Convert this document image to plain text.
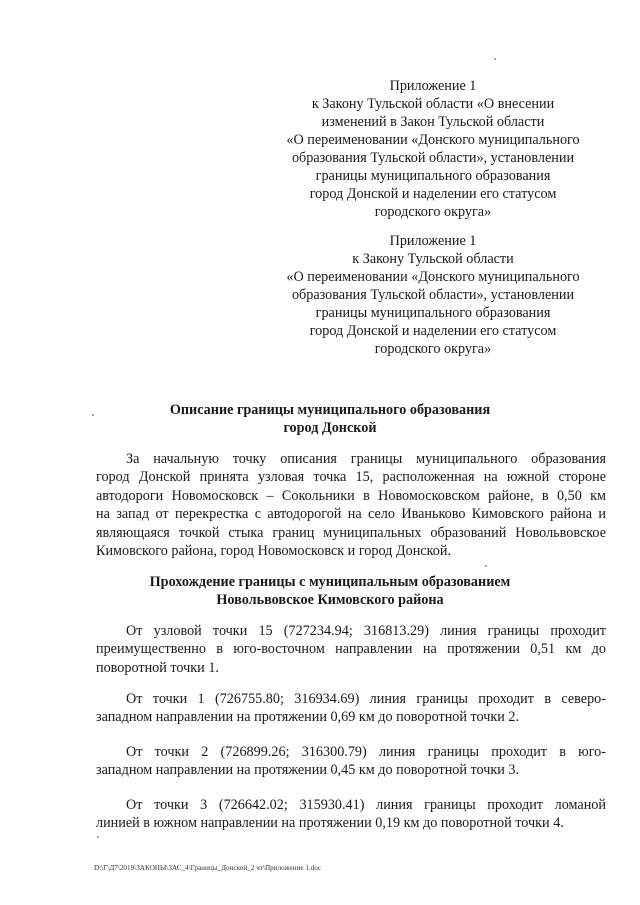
Приложение 1
к Закону Тульской области «О внесении
изменений в Закон Тульской области
«О переименовании «Донского муниципального
образования Тульской области», установлении
границы муниципального образования
город Донской и наделении его статусом
городского округа»
Приложение 1
к Закону Тульской области
«О переименовании «Донского муниципального
образования Тульской области», установлении
границы муниципального образования
город Донской и наделении его статусом
городского округа»
Описание границы муниципального образования
город Донской
За начальную точку описания границы муниципального образования
город Донской принята узловая точка 15, расположенная на южной стороне
автодороги Новомосковск – Сокольники в Новомосковском районе, в 0,50 км
на запад от перекрестка с автодорогой на село Иваньково Кимовского района и
являющаяся точкой стыка границ муниципальных образований Новольвовское
Кимовского района, город Новомосковск и город Донской.
Прохождение границы с муниципальным образованием
Новольвовское Кимовского района
От узловой точки 15 (727234.94; 316813.29) линия границы проходит
преимущественно в юго-восточном направлении на протяжении 0,51 км до
поворотной точки 1.
От точки 1 (726755.80; 316934.69) линия границы проходит в северо-
западном направлении на протяжении 0,69 км до поворотной точки 2.
От точки 2 (726899.26; 316300.79) линия границы проходит в юго-
западном направлении на протяжении 0,45 км до поворотной точки 3.
От точки 3 (726642.02; 315930.41) линия границы проходит ломаной
линией в южном направлении на протяжении 0,19 км до поворотной точки 4.
D:\Г\Д7\2019\ЗАКОНЫ\ЗАС_4\Границы_Донской_2 чт\Приложение 1.doc
